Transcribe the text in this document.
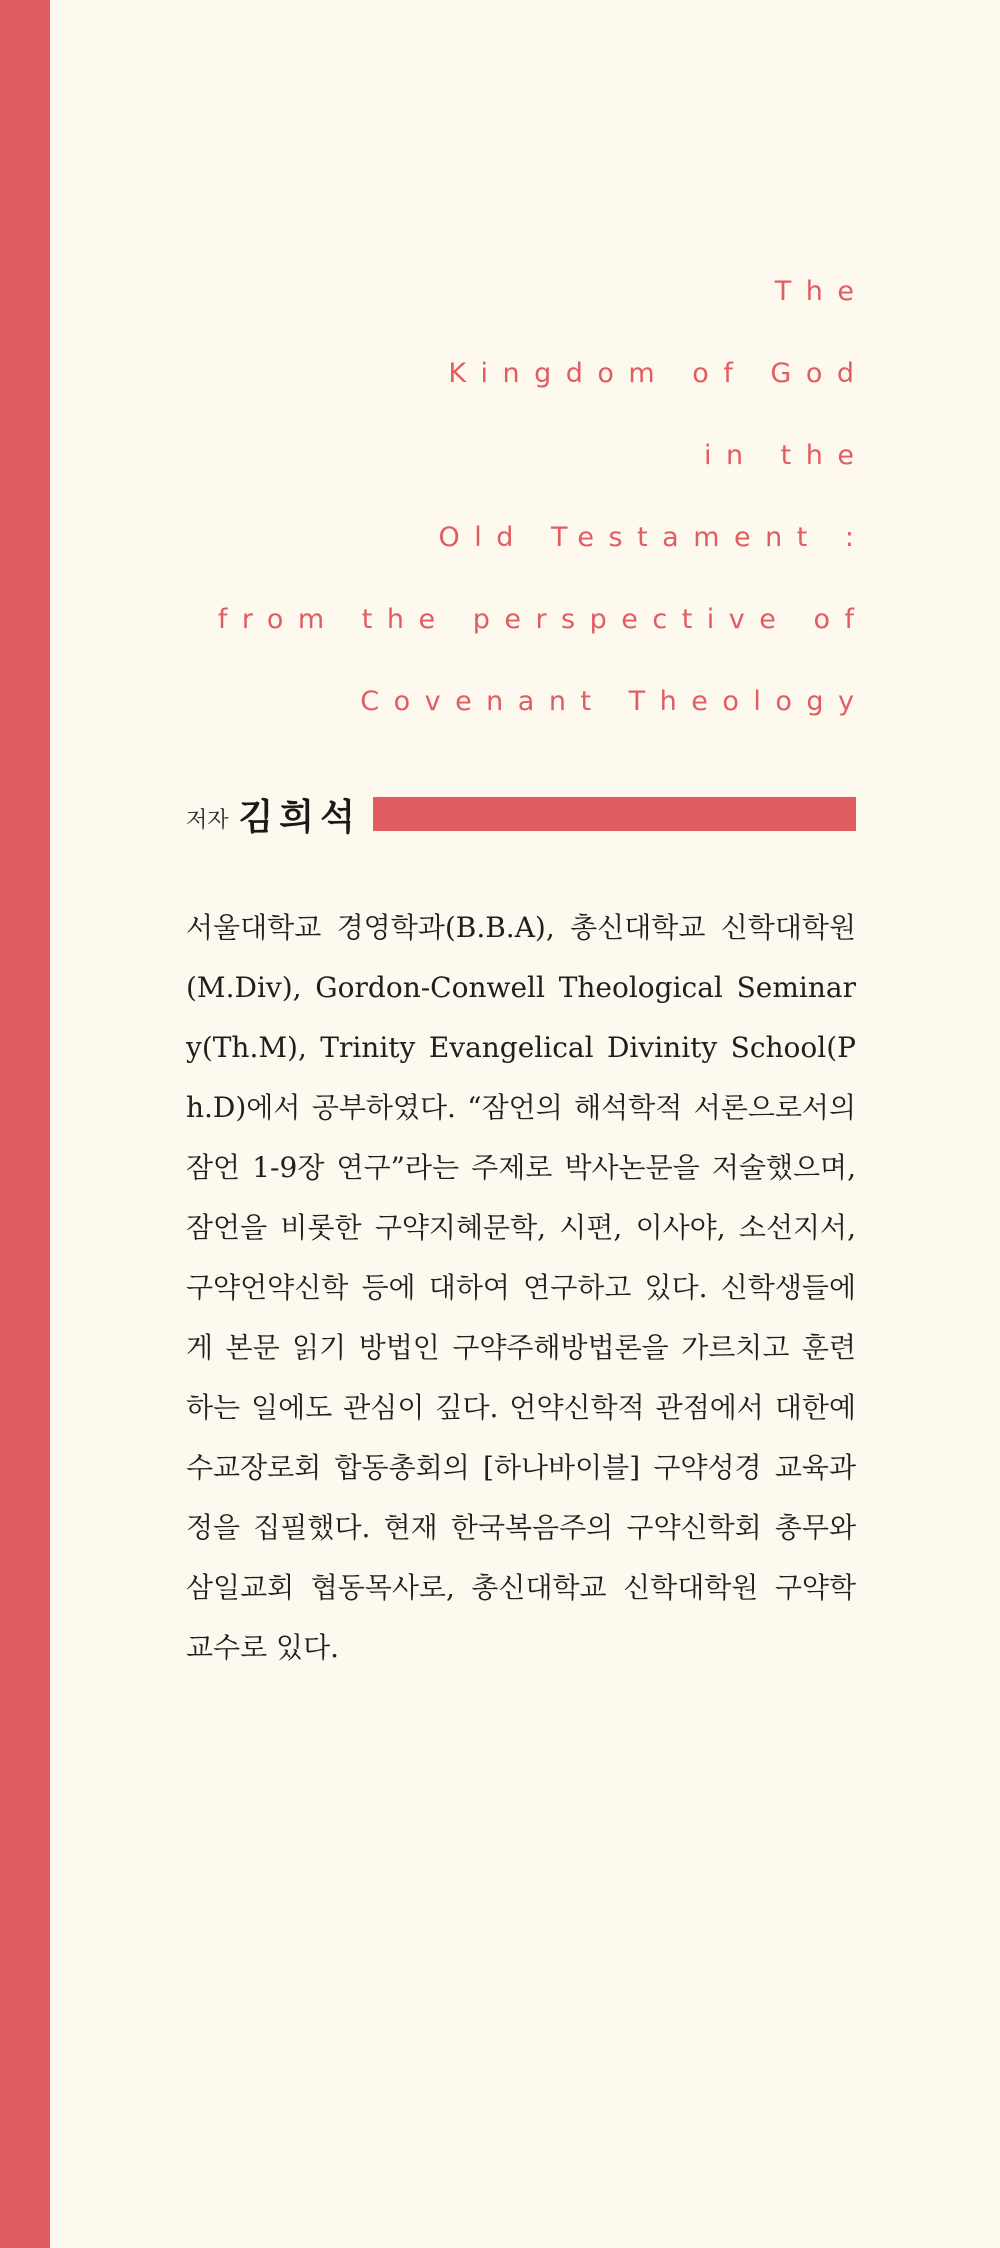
The
Kingdom of God
in the
Old Testament :
from the perspective of
Covenant Theology
저자 김희석
서울대학교 경영학과(B.B.A), 총신대학교 신학대학원(M.Div), Gordon-Conwell Theological Seminary(Th.M), Trinity Evangelical Divinity School(Ph.D)에서 공부하였다. “잠언의 해석학적 서론으로서의 잠언 1-9장 연구”라는 주제로 박사논문을 저술했으며, 잠언을 비롯한 구약지혜문학, 시편, 이사야, 소선지서, 구약언약신학 등에 대하여 연구하고 있다. 신학생들에게 본문 읽기 방법인 구약주해방법론을 가르치고 훈련하는 일에도 관심이 깊다. 언약신학적 관점에서 대한예수교장로회 합동총회의 [하나바이블] 구약성경 교육과정을 집필했다. 현재 한국복음주의 구약신학회 총무와 삼일교회 협동목사로, 총신대학교 신학대학원 구약학 교수로 있다.
